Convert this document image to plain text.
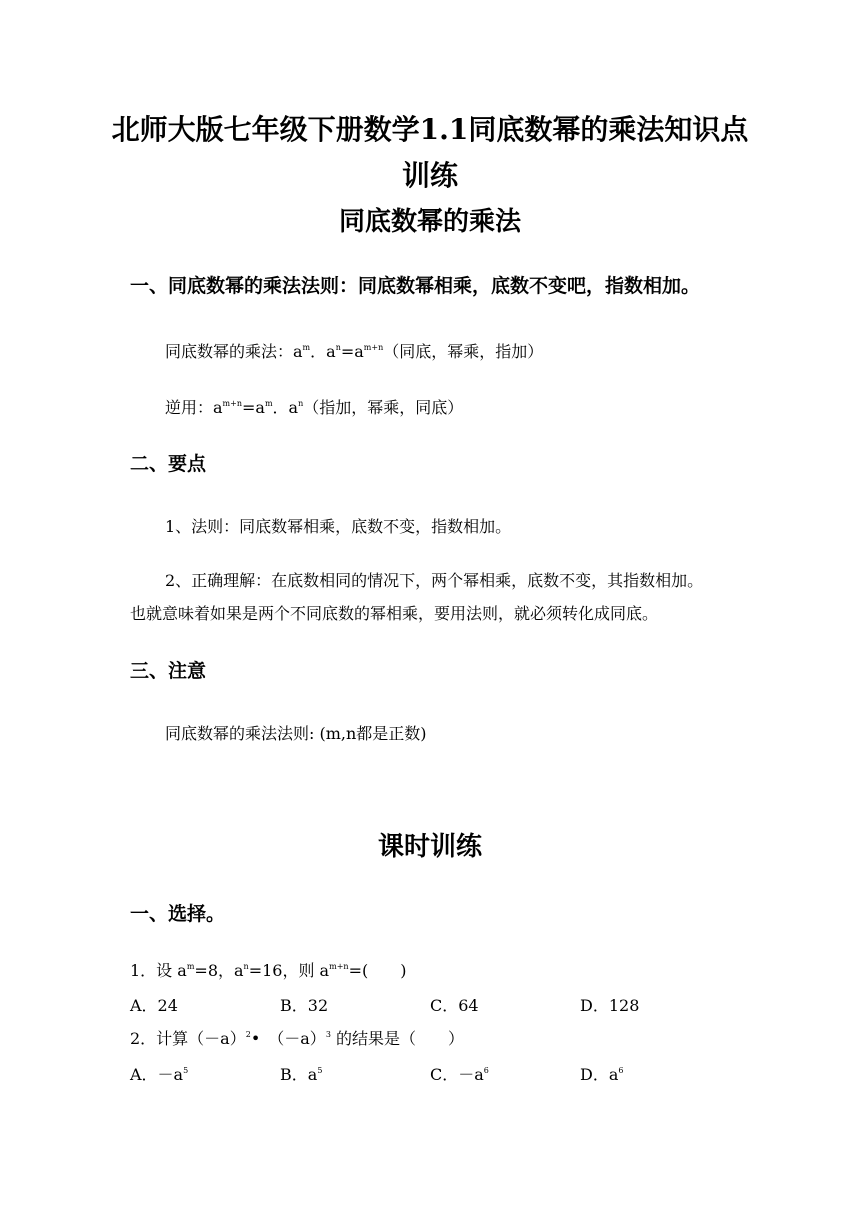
北师大版七年级下册数学1.1同底数幂的乘法知识点
训练
同底数幂的乘法
一、同底数幂的乘法法则：同底数幂相乘，底数不变吧，指数相加。
同底数幂的乘法：$a^m$．$a^n=a^{m+n}$（同底，幂乘，指加）
逆用：$a^{m+n}=a^m$．$a^n$（指加，幂乘，同底）
二、要点
1、法则：同底数幂相乘，底数不变，指数相加。
2、正确理解：在底数相同的情况下，两个幂相乘，底数不变，其指数相加。
也就意味着如果是两个不同底数的幂相乘，要用法则，就必须转化成同底。
三、注意
同底数幂的乘法法则: (m,n都是正数)
课时训练
一、选择。
1．设 $a^m=8$，$a^n=16$，则 $a^{m+n}=$(　　)
A．24	B．32	C．64	D．128
2．计算$(-a)^2•$　$(-a)^3$ 的结果是（　　）
A．$-a^5$	B．$a^5$	C．$-a^6$	D．$a^6$
